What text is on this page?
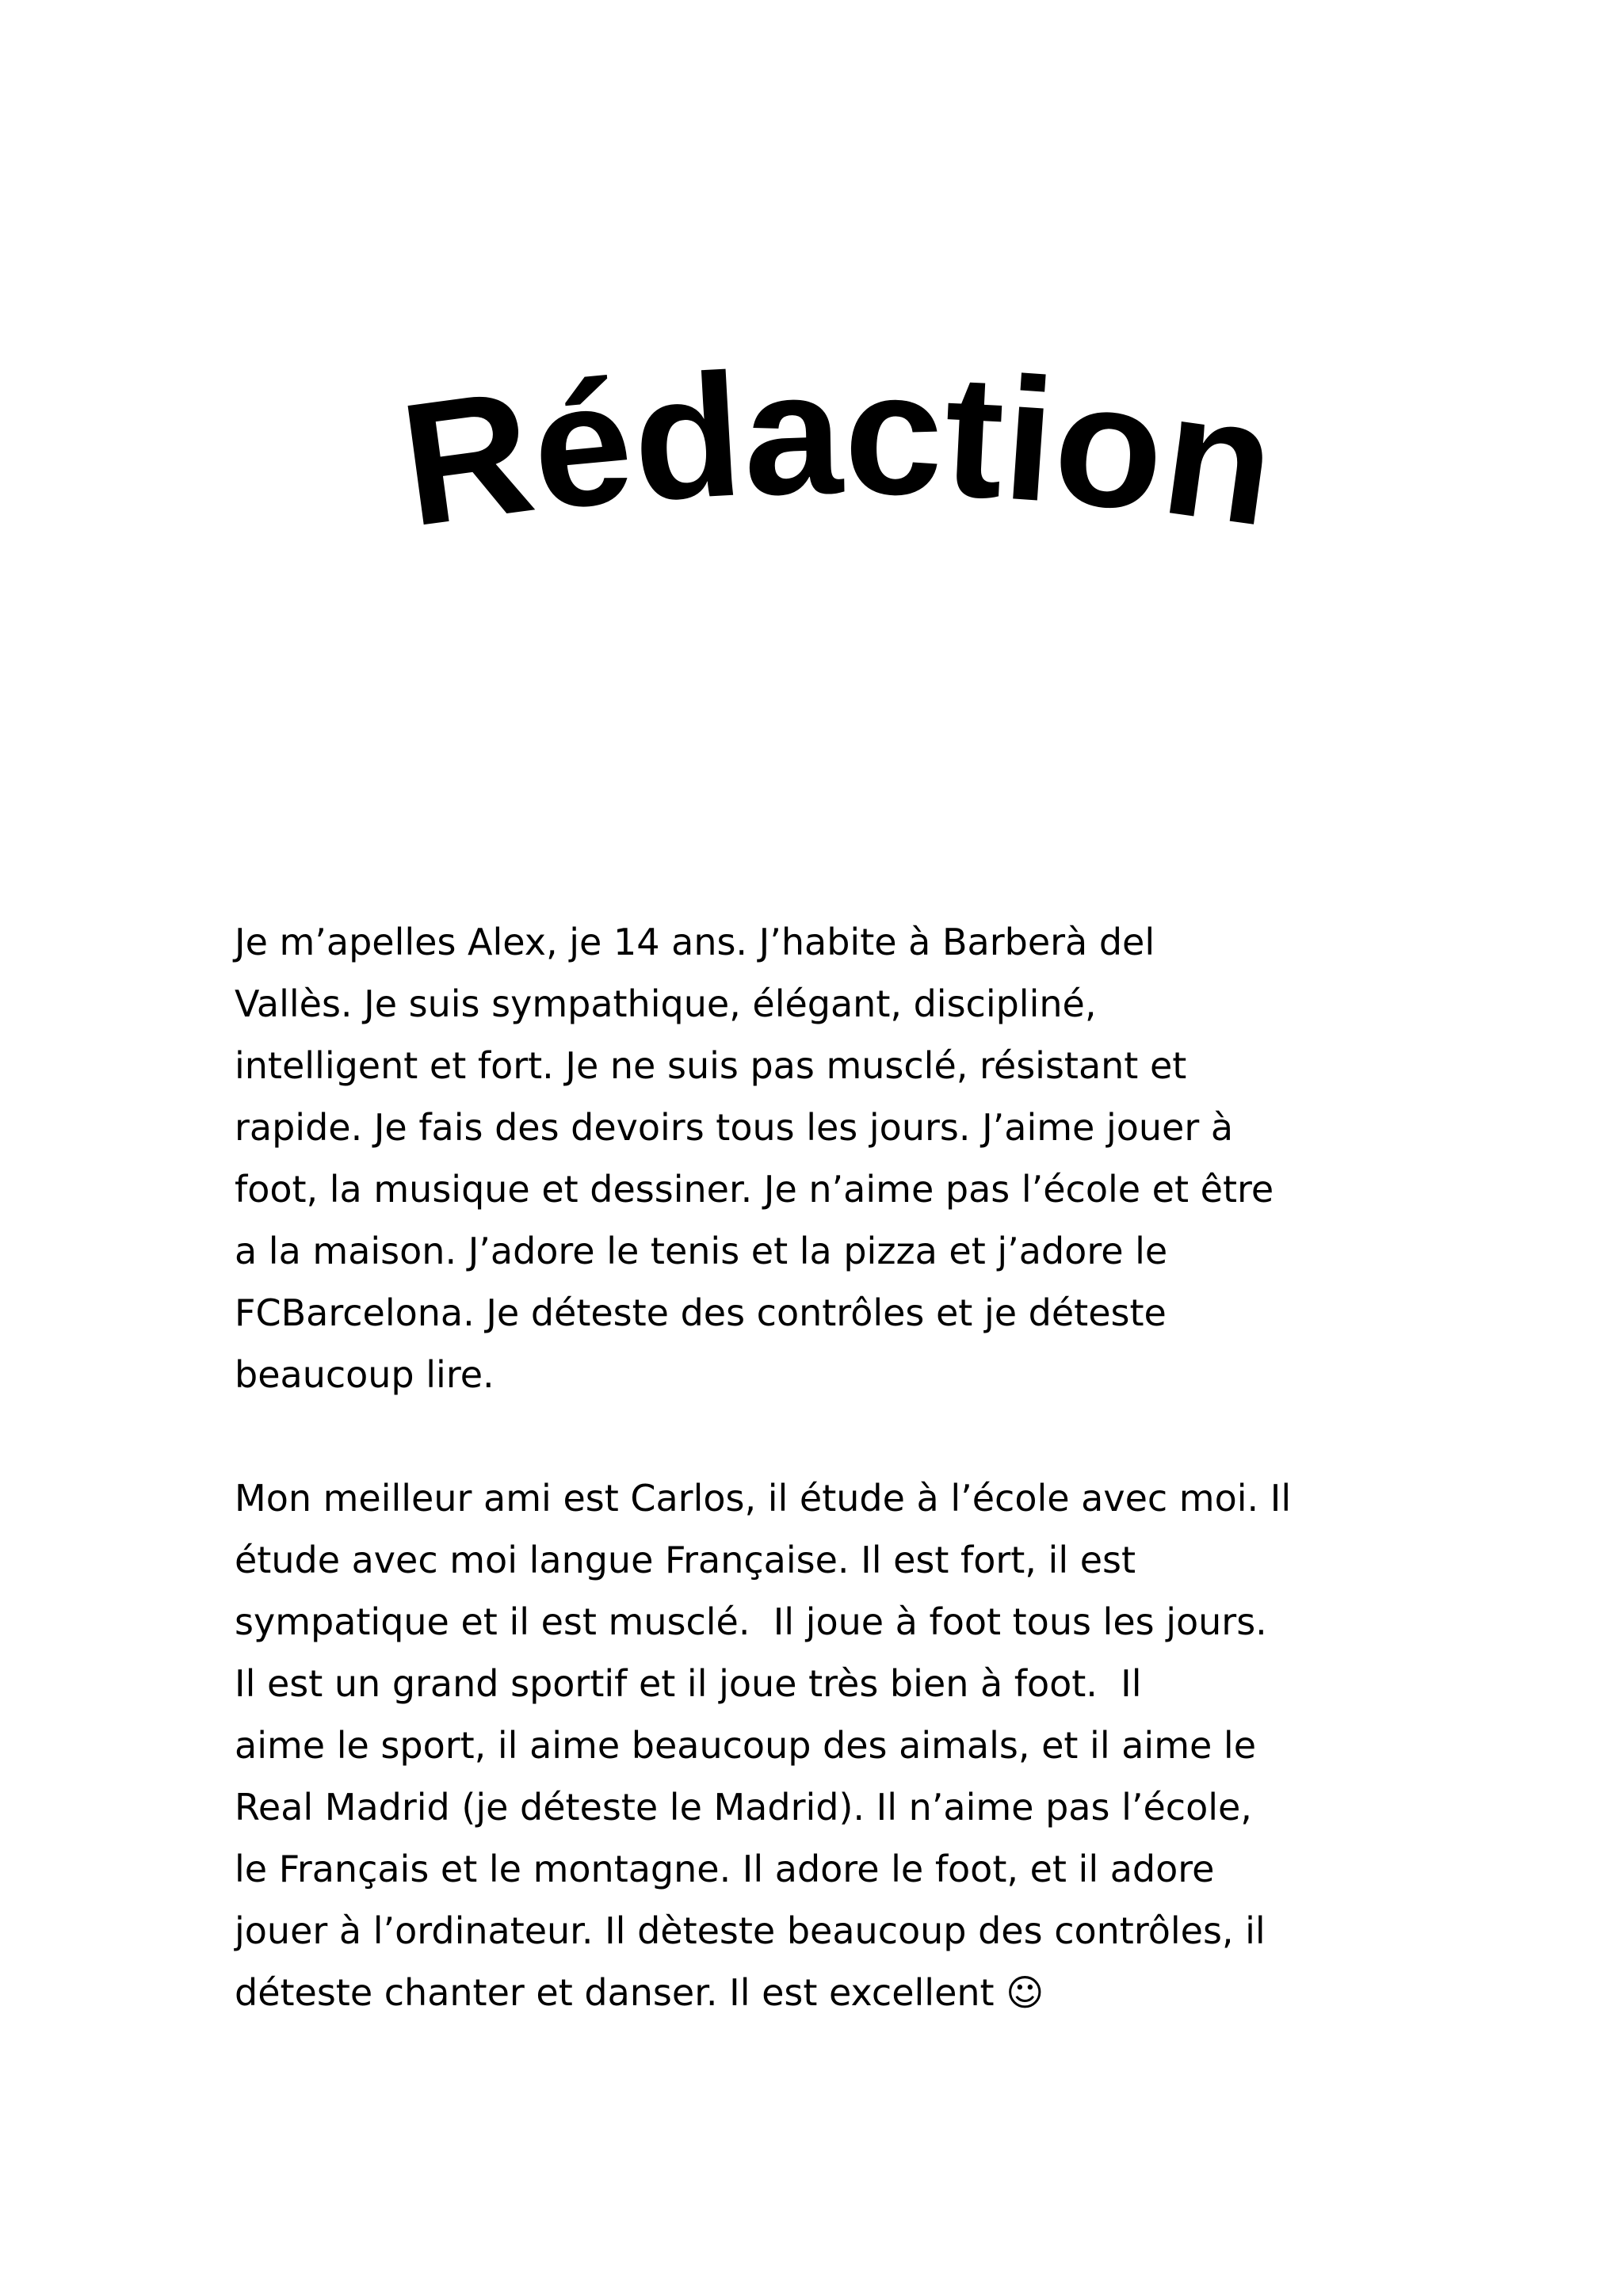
Rédaction
Je m’apelles Alex, je 14 ans. J’habite à Barberà del
Vallès. Je suis sympathique, élégant, discipliné,
intelligent et fort. Je ne suis pas musclé, résistant et
rapide. Je fais des devoirs tous les jours. J’aime jouer à
foot, la musique et dessiner. Je n’aime pas l’école et être
a la maison. J’adore le tenis et la pizza et j’adore le
FCBarcelona. Je déteste des contrôles et je déteste
beaucoup lire.
Mon meilleur ami est Carlos, il étude à l’école avec moi. Il
étude avec moi langue Française. Il est fort, il est
sympatique et il est musclé.  Il joue à foot tous les jours.
Il est un grand sportif et il joue très bien à foot.  Il
aime le sport, il aime beaucoup des aimals, et il aime le
Real Madrid (je déteste le Madrid). Il n’aime pas l’école,
le Français et le montagne. Il adore le foot, et il adore
jouer à l’ordinateur. Il dèteste beaucoup des contrôles, il
déteste chanter et danser. Il est excellent ☺
